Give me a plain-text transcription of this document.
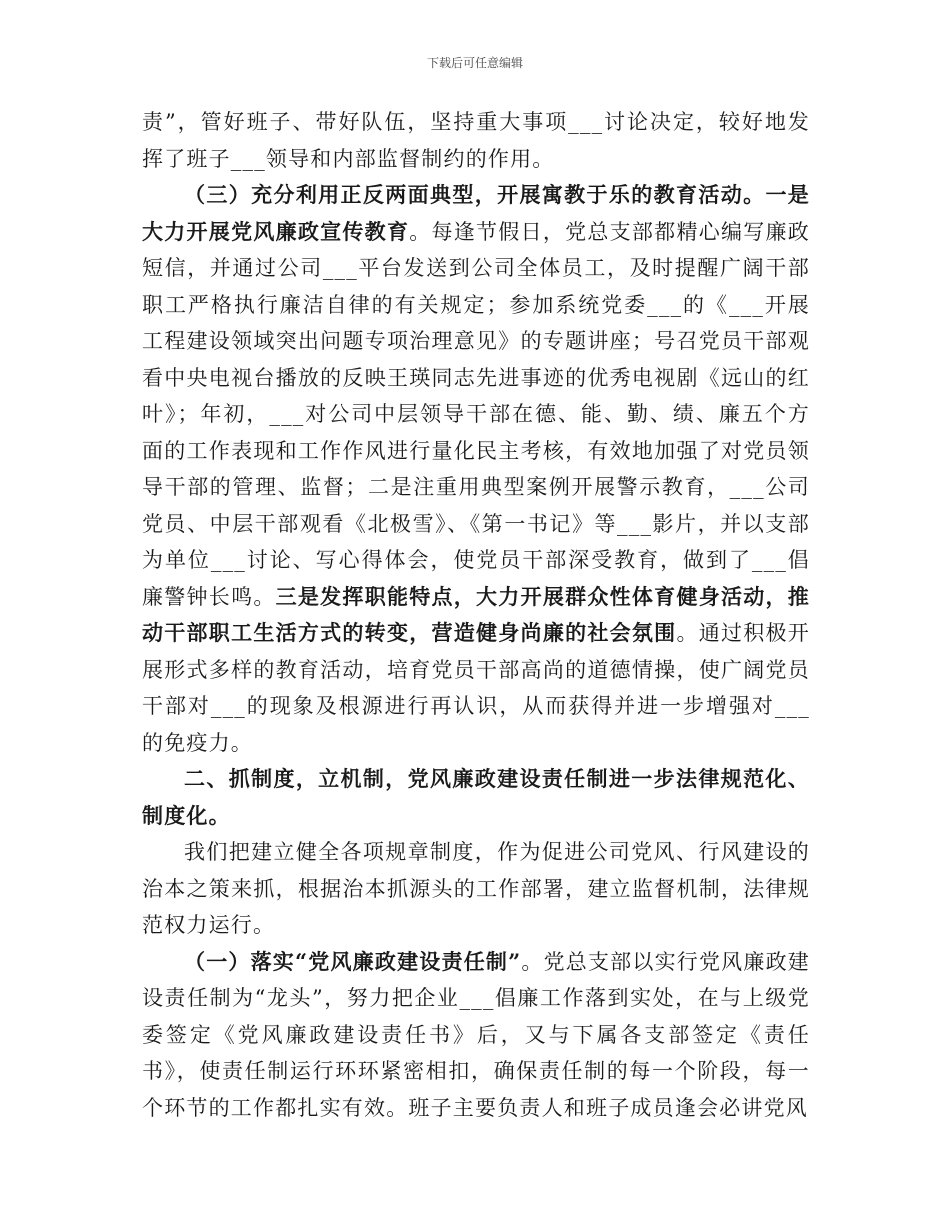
下载后可任意编辑

责”，管好班子、带好队伍，坚持重大事项___讨论决定，较好地发挥了班子___领导和内部监督制约的作用。

（三）充分利用正反两面典型，开展寓教于乐的教育活动。一是大力开展党风廉政宣传教育。每逢节假日，党总支部都精心编写廉政短信，并通过公司___平台发送到公司全体员工，及时提醒广阔干部职工严格执行廉洁自律的有关规定；参加系统党委___的《___开展工程建设领域突出问题专项治理意见》的专题讲座；号召党员干部观看中央电视台播放的反映王瑛同志先进事迹的优秀电视剧《远山的红叶》；年初，___对公司中层领导干部在德、能、勤、绩、廉五个方面的工作表现和工作作风进行量化民主考核，有效地加强了对党员领导干部的管理、监督；二是注重用典型案例开展警示教育，___公司党员、中层干部观看《北极雪》、《第一书记》等___影片，并以支部为单位___讨论、写心得体会，使党员干部深受教育，做到了___倡廉警钟长鸣。三是发挥职能特点，大力开展群众性体育健身活动，推动干部职工生活方式的转变，营造健身尚廉的社会氛围。通过积极开展形式多样的教育活动，培育党员干部高尚的道德情操，使广阔党员干部对___的现象及根源进行再认识，从而获得并进一步增强对___的免疫力。

二、抓制度，立机制，党风廉政建设责任制进一步法律规范化、制度化。

我们把建立健全各项规章制度，作为促进公司党风、行风建设的治本之策来抓，根据治本抓源头的工作部署，建立监督机制，法律规范权力运行。

（一）落实“党风廉政建设责任制”。党总支部以实行党风廉政建设责任制为“龙头”，努力把企业___倡廉工作落到实处，在与上级党委签定《党风廉政建设责任书》后，又与下属各支部签定《责任书》，使责任制运行环环紧密相扣，确保责任制的每一个阶段，每一个环节的工作都扎实有效。班子主要负责人和班子成员逢会必讲党风
